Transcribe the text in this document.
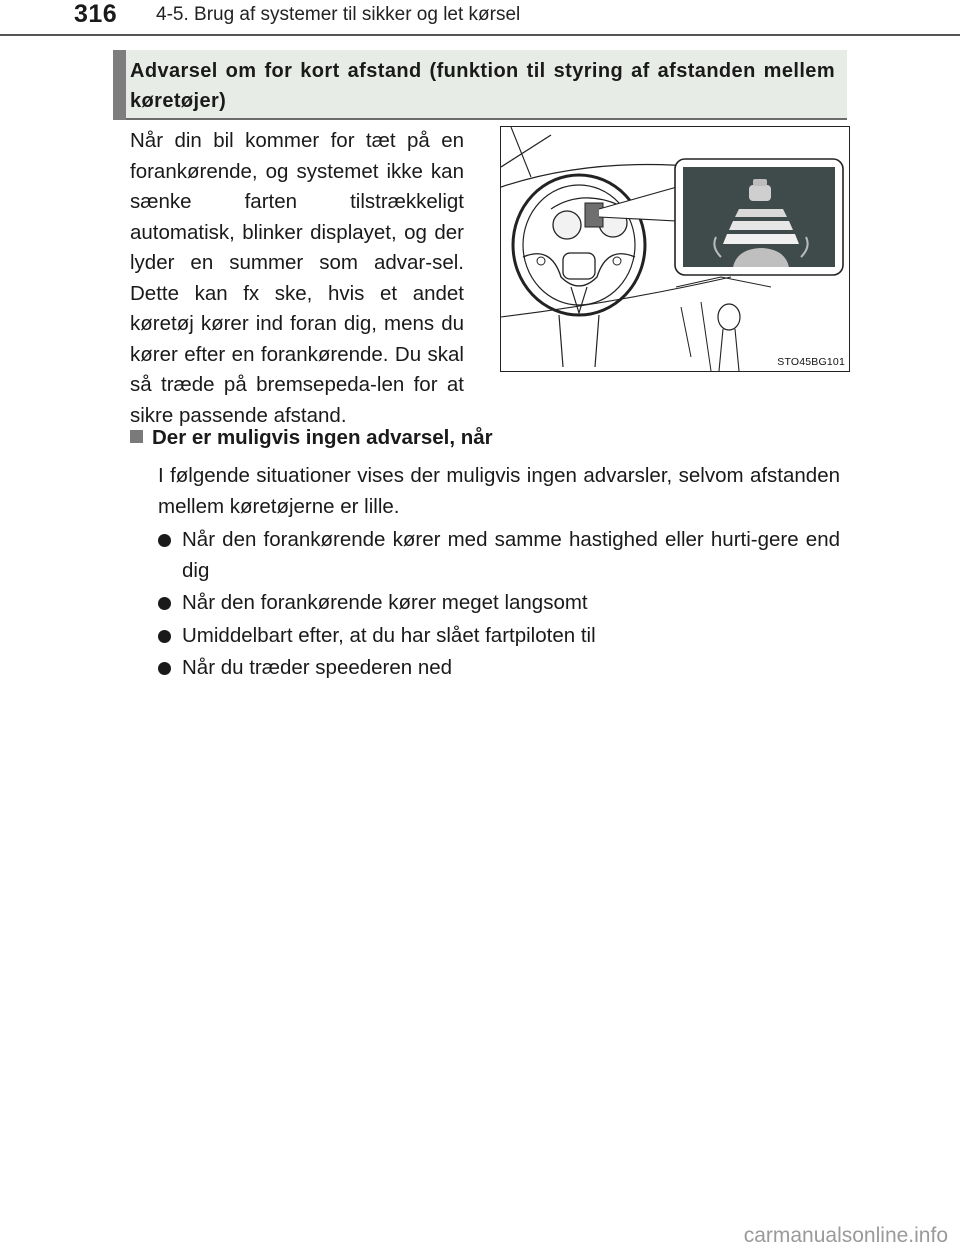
316 4-5. Brug af systemer til sikker og let kørsel
Advarsel om for kort afstand (funktion til styring af afstanden mellem køretøjer)
Når din bil kommer for tæt på en forankørende, og systemet ikke kan sænke farten tilstrækkeligt automatisk, blinker displayet, og der lyder en summer som advar-sel. Dette kan fx ske, hvis et andet køretøj kører ind foran dig, mens du kører efter en forankørende. Du skal så træde på bremsepeda-len for at sikre passende afstand.
STO45BG101
Der er muligvis ingen advarsel, når
I følgende situationer vises der muligvis ingen advarsler, selvom afstanden mellem køretøjerne er lille.
Når den forankørende kører med samme hastighed eller hurti-gere end dig
Når den forankørende kører meget langsomt
Umiddelbart efter, at du har slået fartpiloten til
Når du træder speederen ned
carmanualsonline.info
